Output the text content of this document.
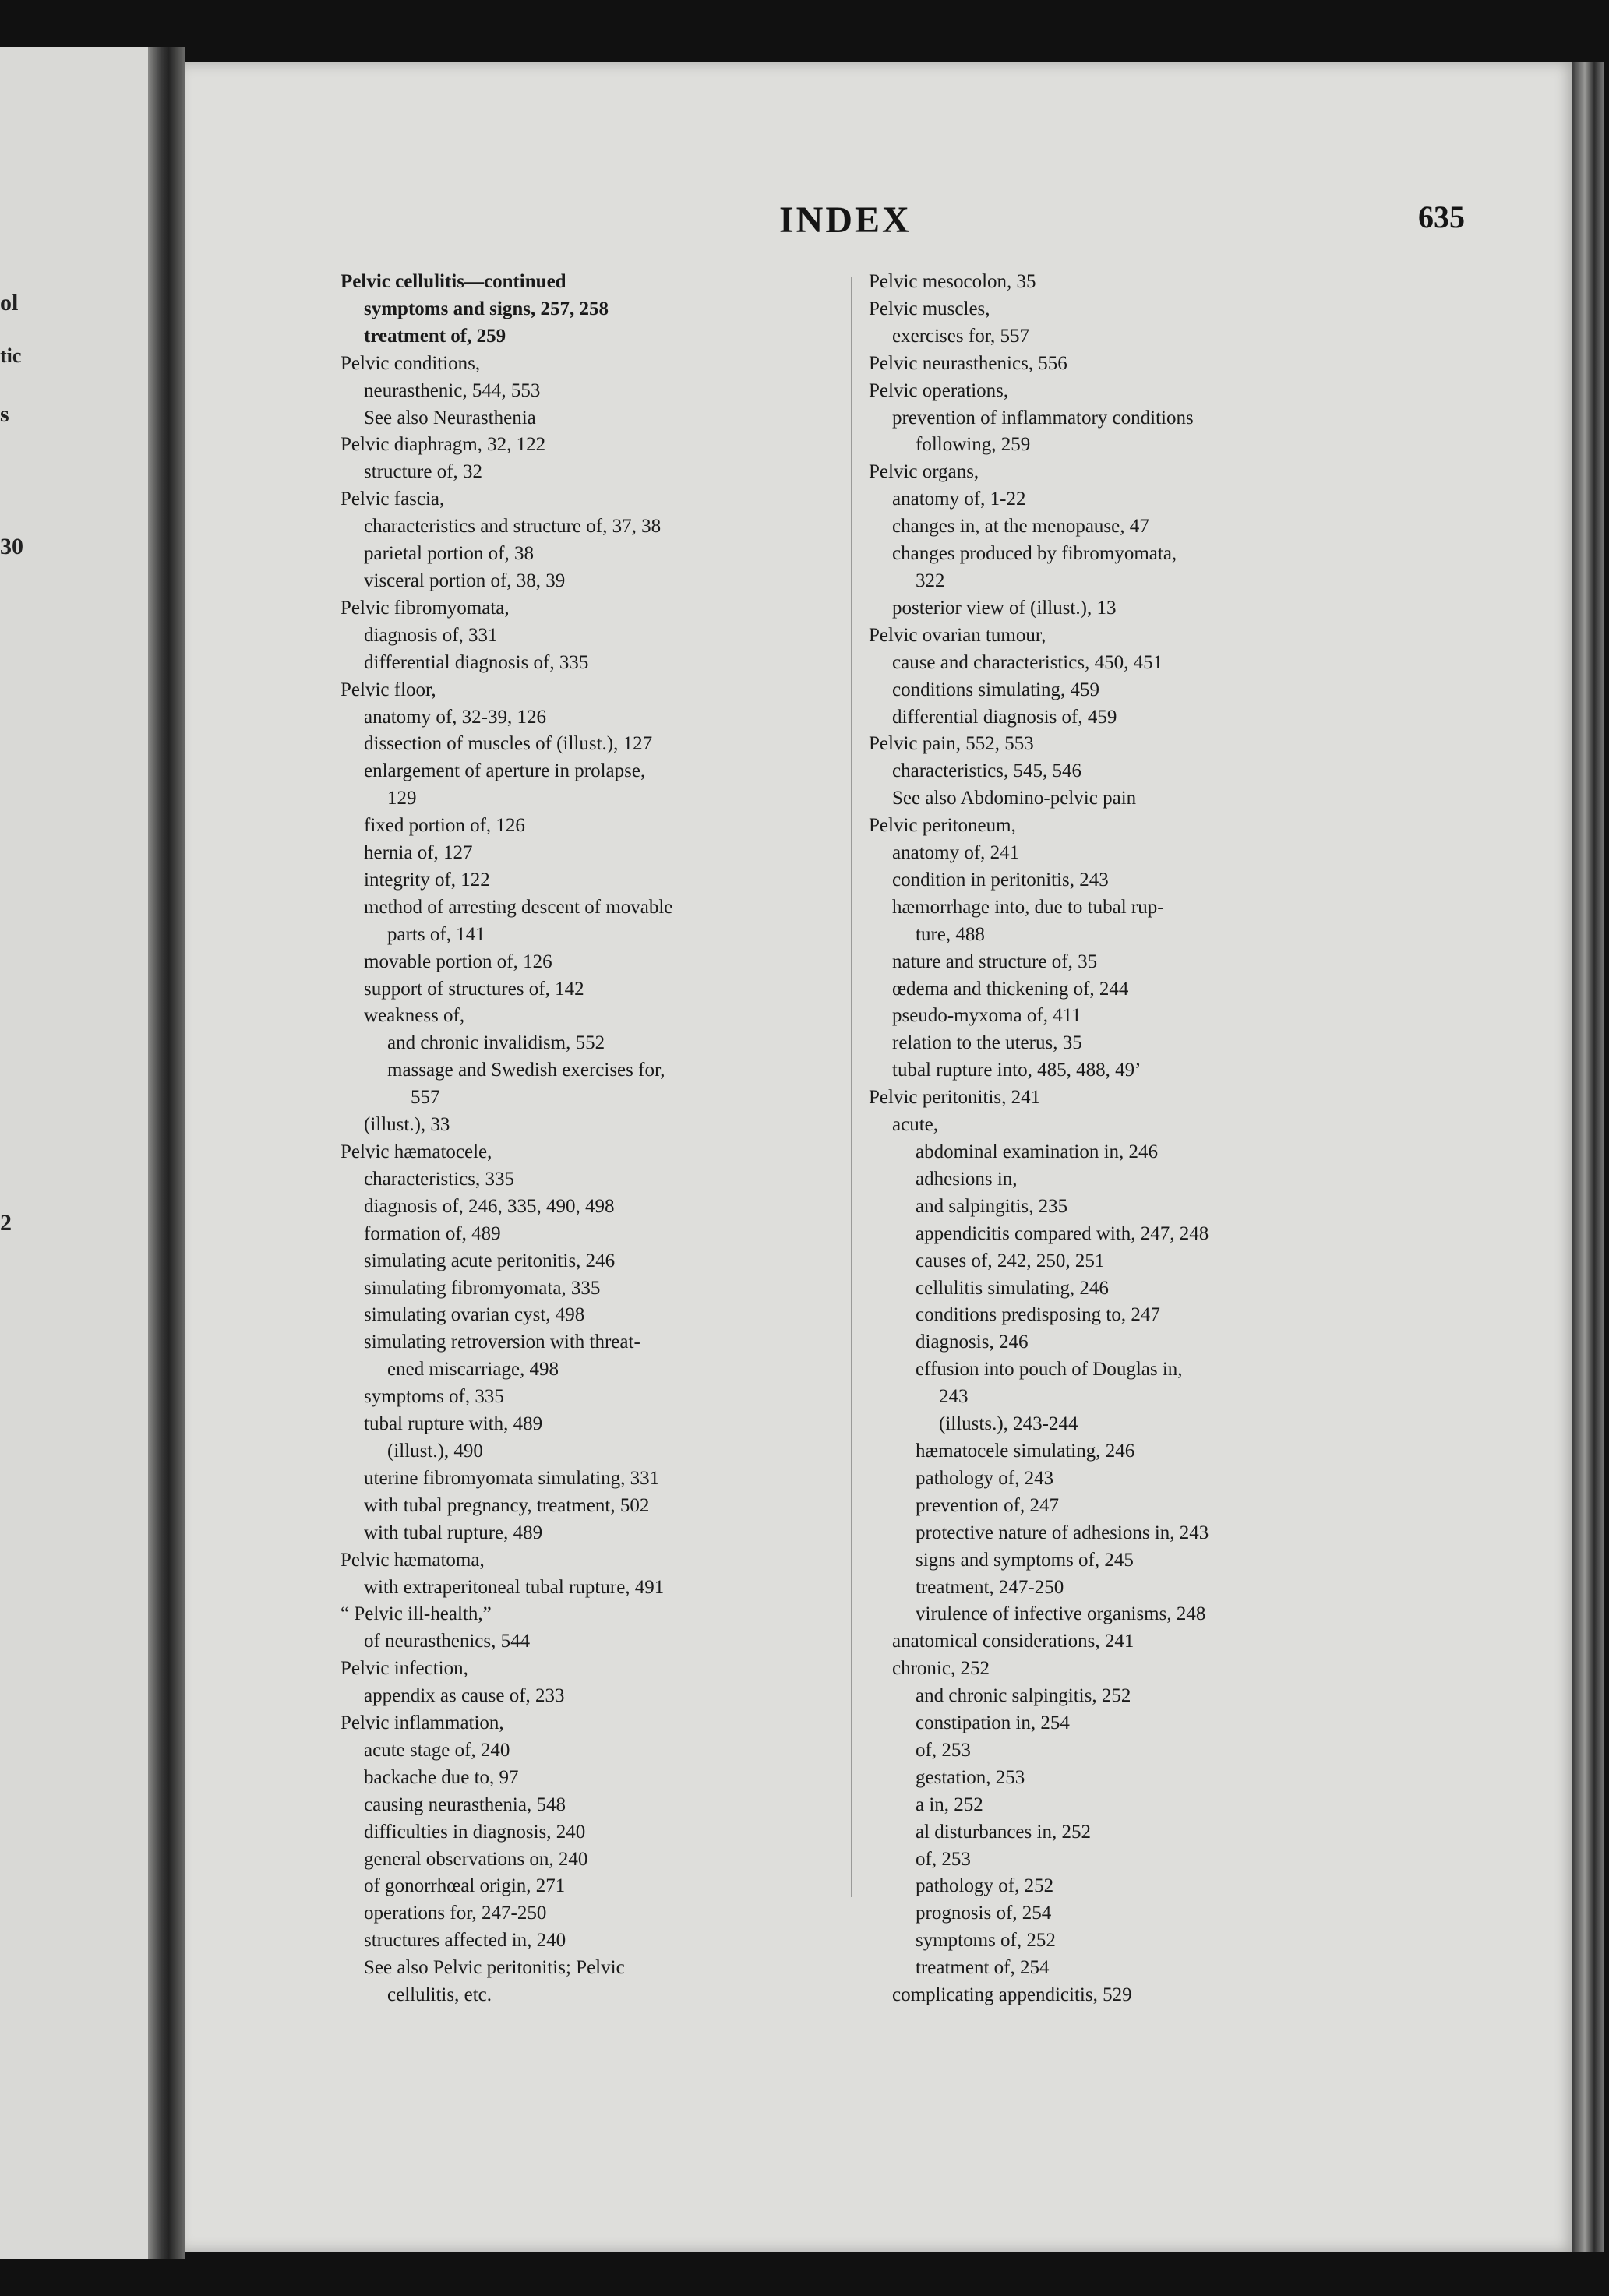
ol
tic
s
30
2
INDEX	635
Pelvic cellulitis—continued
symptoms and signs, 257, 258
treatment of, 259
Pelvic conditions,
neurasthenic, 544, 553
See also Neurasthenia
Pelvic diaphragm, 32, 122
structure of, 32
Pelvic fascia,
characteristics and structure of, 37, 38
parietal portion of, 38
visceral portion of, 38, 39
Pelvic fibromyomata,
diagnosis of, 331
differential diagnosis of, 335
Pelvic floor,
anatomy of, 32-39, 126
dissection of muscles of (illust.), 127
enlargement of aperture in prolapse,
129
fixed portion of, 126
hernia of, 127
integrity of, 122
method of arresting descent of movable
parts of, 141
movable portion of, 126
support of structures of, 142
weakness of,
and chronic invalidism, 552
massage and Swedish exercises for,
557
(illust.), 33
Pelvic hæmatocele,
characteristics, 335
diagnosis of, 246, 335, 490, 498
formation of, 489
simulating acute peritonitis, 246
simulating fibromyomata, 335
simulating ovarian cyst, 498
simulating retroversion with threat-
ened miscarriage, 498
symptoms of, 335
tubal rupture with, 489
(illust.), 490
uterine fibromyomata simulating, 331
with tubal pregnancy, treatment, 502
with tubal rupture, 489
Pelvic hæmatoma,
with extraperitoneal tubal rupture, 491
“ Pelvic ill-health,”
of neurasthenics, 544
Pelvic infection,
appendix as cause of, 233
Pelvic inflammation,
acute stage of, 240
backache due to, 97
causing neurasthenia, 548
difficulties in diagnosis, 240
general observations on, 240
of gonorrhœal origin, 271
operations for, 247-250
structures affected in, 240
See also Pelvic peritonitis; Pelvic
cellulitis, etc.
Pelvic mesocolon, 35
Pelvic muscles,
exercises for, 557
Pelvic neurasthenics, 556
Pelvic operations,
prevention of inflammatory conditions
following, 259
Pelvic organs,
anatomy of, 1-22
changes in, at the menopause, 47
changes produced by fibromyomata,
322
posterior view of (illust.), 13
Pelvic ovarian tumour,
cause and characteristics, 450, 451
conditions simulating, 459
differential diagnosis of, 459
Pelvic pain, 552, 553
characteristics, 545, 546
See also Abdomino-pelvic pain
Pelvic peritoneum,
anatomy of, 241
condition in peritonitis, 243
hæmorrhage into, due to tubal rup-
ture, 488
nature and structure of, 35
œdema and thickening of, 244
pseudo-myxoma of, 411
relation to the uterus, 35
tubal rupture into, 485, 488, 49’
Pelvic peritonitis, 241
acute,
abdominal examination in, 246
adhesions in,
and salpingitis, 235
appendicitis compared with, 247, 248
causes of, 242, 250, 251
cellulitis simulating, 246
conditions predisposing to, 247
diagnosis, 246
effusion into pouch of Douglas in,
243
(illusts.), 243-244
hæmatocele simulating, 246
pathology of, 243
prevention of, 247
protective nature of adhesions in, 243
signs and symptoms of, 245
treatment, 247-250
virulence of infective organisms, 248
anatomical considerations, 241
chronic, 252
and chronic salpingitis, 252
constipation in, 254
of, 253
gestation, 253
a in, 252
al disturbances in, 252
of, 253
pathology of, 252
prognosis of, 254
symptoms of, 252
treatment of, 254
complicating appendicitis, 529
